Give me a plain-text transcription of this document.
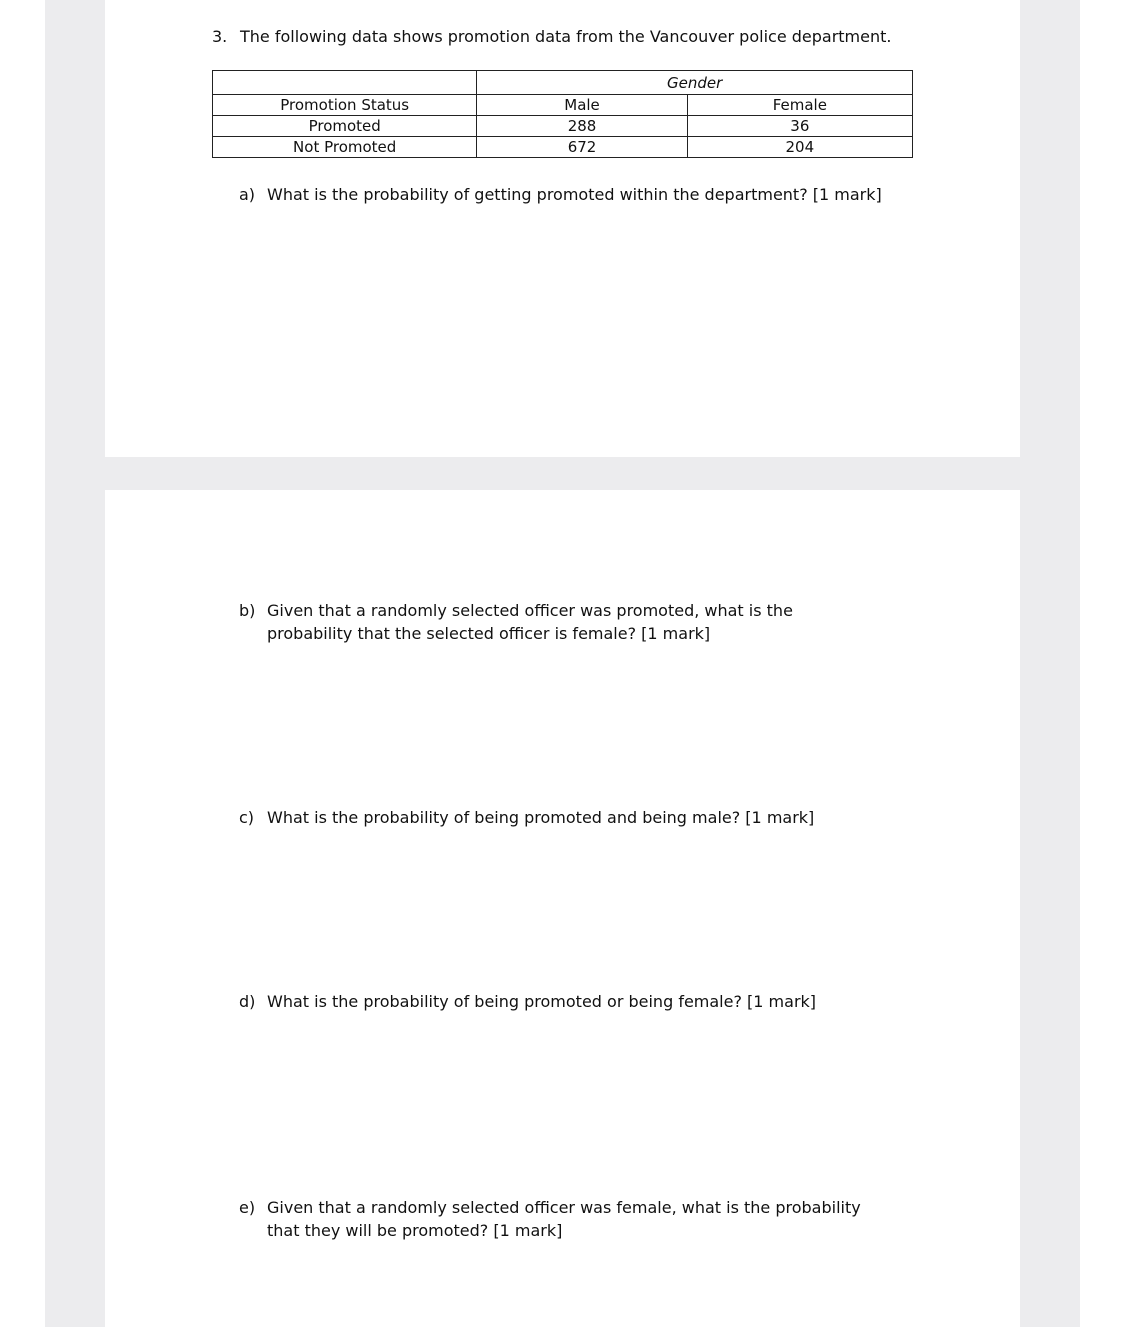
3. The following data shows promotion data from the Vancouver police department.
	Gender	
Promotion Status	Male	Female
Promoted	288	36
Not Promoted	672	204
a) What is the probability of getting promoted within the department? [1 mark]
b) Given that a randomly selected officer was promoted, what is the probability that the selected officer is female? [1 mark]
c) What is the probability of being promoted and being male? [1 mark]
d) What is the probability of being promoted or being female? [1 mark]
e) Given that a randomly selected officer was female, what is the probability that they will be promoted? [1 mark]
